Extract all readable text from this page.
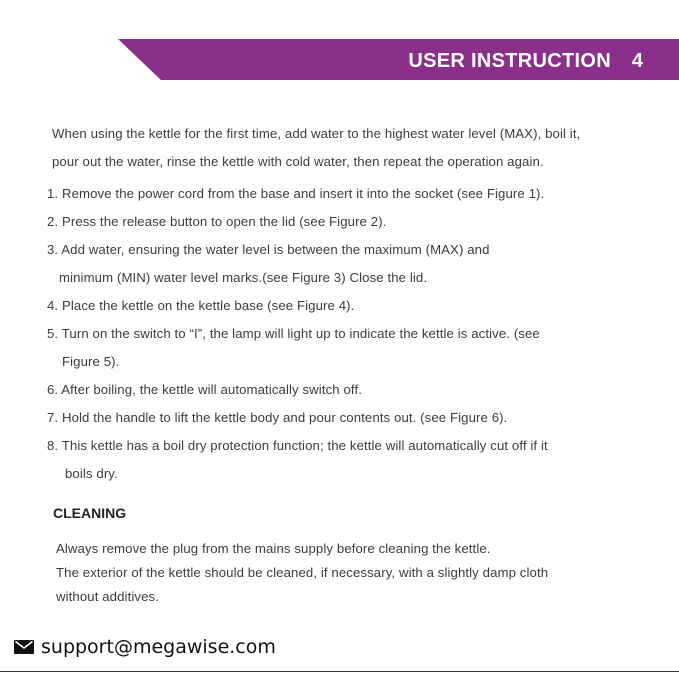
USER INSTRUCTION 4
When using the kettle for the first time, add water to the highest water level (MAX), boil it,
pour out the water, rinse the kettle with cold water, then repeat the operation again.
1. Remove the power cord from the base and insert it into the socket (see Figure 1).
2. Press the release button to open the lid (see Figure 2).
3. Add water, ensuring the water level is between the maximum (MAX) and
minimum (MIN) water level marks.(see Figure 3) Close the lid.
4. Place the kettle on the kettle base (see Figure 4).
5. Turn on the switch to “I”, the lamp will light up to indicate the kettle is active. (see
Figure 5).
6. After boiling, the kettle will automatically switch off.
7. Hold the handle to lift the kettle body and pour contents out. (see Figure 6).
8. This kettle has a boil dry protection function; the kettle will automatically cut off if it
boils dry.
CLEANING
Always remove the plug from the mains supply before cleaning the kettle.
The exterior of the kettle should be cleaned, if necessary, with a slightly damp cloth
without additives.
support@megawise.com
